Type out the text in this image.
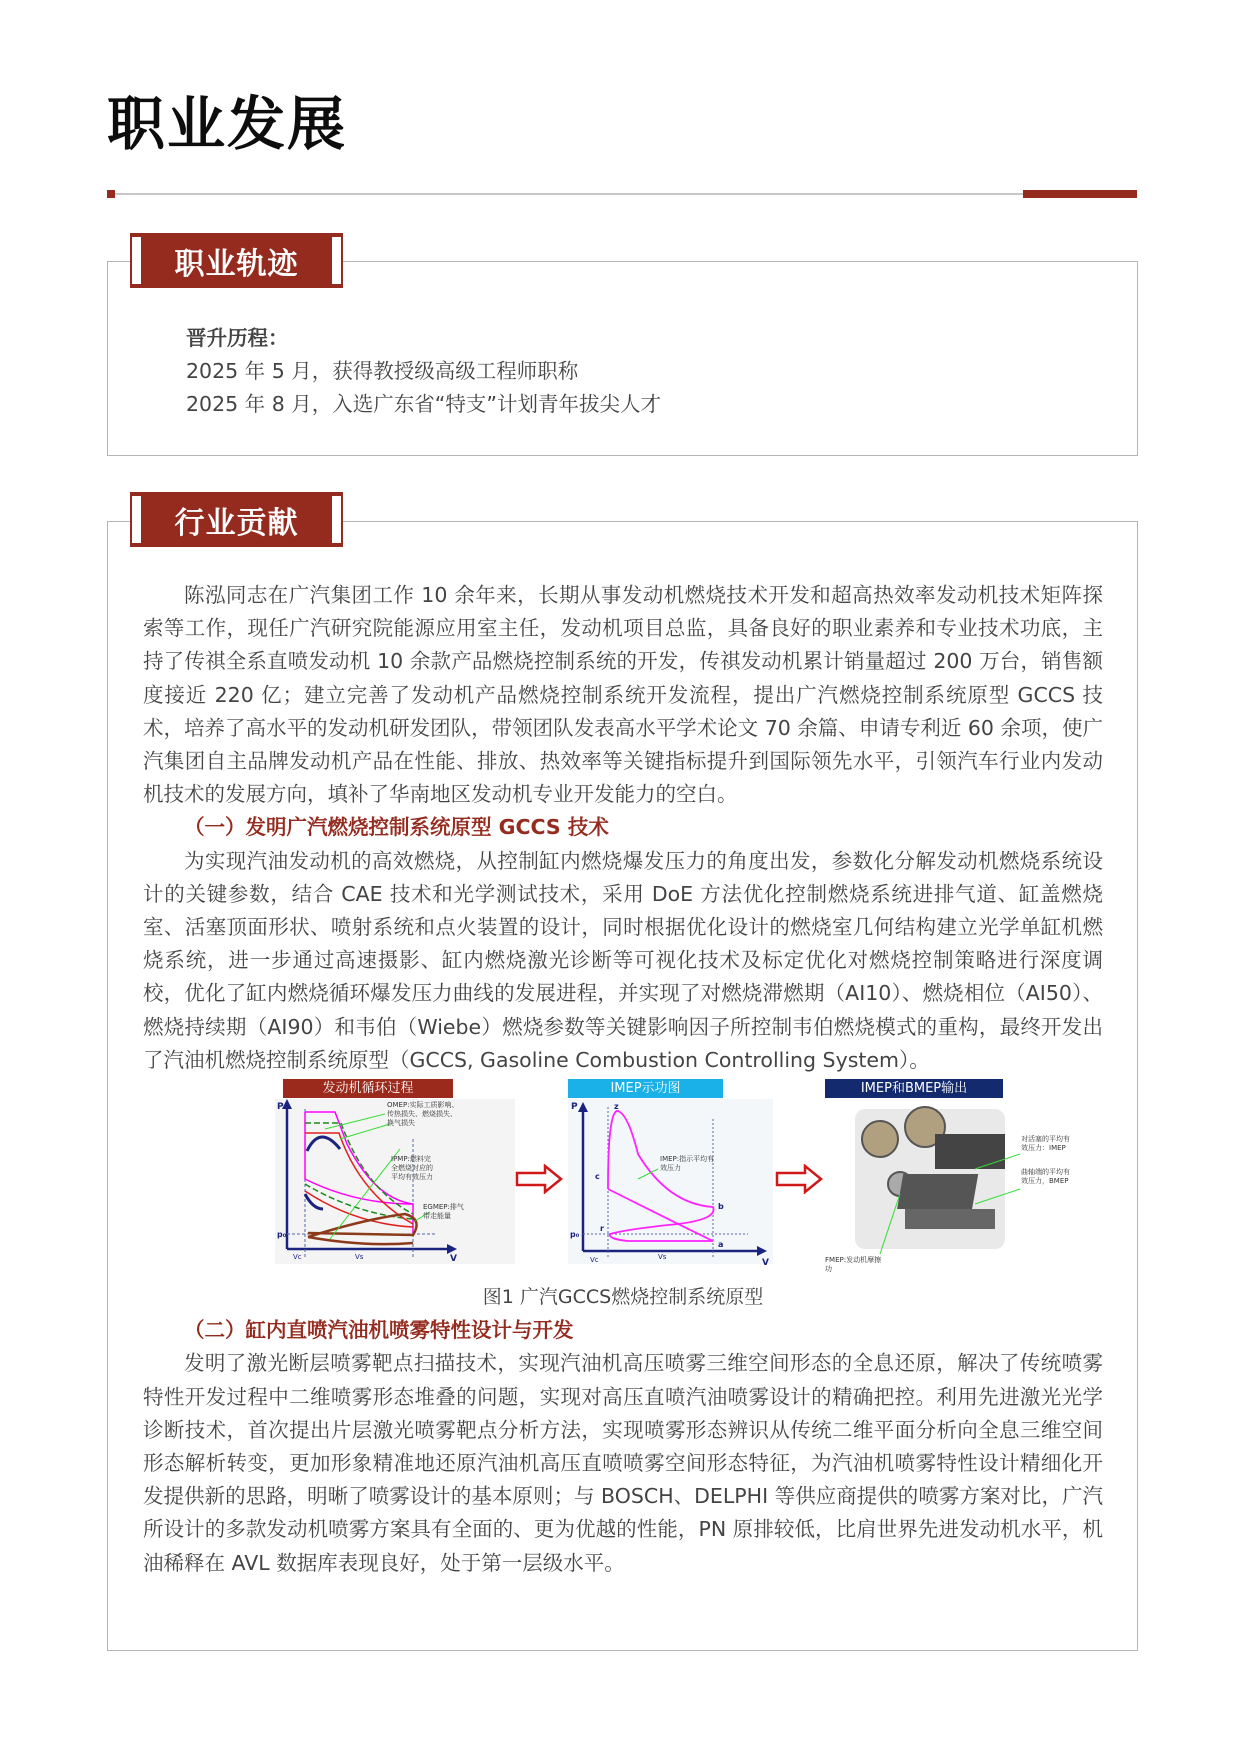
职业发展
晋升历程：
2025 年 5 月，获得教授级高级工程师职称
2025 年 8 月，入选广东省“特支”计划青年拔尖人才
职业轨迹
行业贡献

陈泓同志在广汽集团工作 10 余年来，长期从事发动机燃烧技术开发和超高热效率发动机技术矩阵探索等工作，现任广汽研究院能源应用室主任，发动机项目总监，具备良好的职业素养和专业技术功底，主持了传祺全系直喷发动机 10 余款产品燃烧控制系统的开发，传祺发动机累计销量超过 200 万台，销售额度接近 220 亿；建立完善了发动机产品燃烧控制系统开发流程，提出广汽燃烧控制系统原型 GCCS 技术，培养了高水平的发动机研发团队，带领团队发表高水平学术论文 70 余篇、申请专利近 60 余项，使广汽集团自主品牌发动机产品在性能、排放、热效率等关键指标提升到国际领先水平，引领汽车行业内发动机技术的发展方向，填补了华南地区发动机专业开发能力的空白。

（一）发明广汽燃烧控制系统原型 GCCS 技术

为实现汽油发动机的高效燃烧，从控制缸内燃烧爆发压力的角度出发，参数化分解发动机燃烧系统设计的关键参数，结合 CAE 技术和光学测试技术，采用 DoE 方法优化控制燃烧系统进排气道、缸盖燃烧室、活塞顶面形状、喷射系统和点火装置的设计，同时根据优化设计的燃烧室几何结构建立光学单缸机燃烧系统，进一步通过高速摄影、缸内燃烧激光诊断等可视化技术及标定优化对燃烧控制策略进行深度调校，优化了缸内燃烧循环爆发压力曲线的发展进程，并实现了对燃烧滞燃期（AI10）、燃烧相位（AI50）、燃烧持续期（AI90）和韦伯（Wiebe）燃烧参数等关键影响因子所控制韦伯燃烧模式的重构，最终开发出了汽油机燃烧控制系统原型（GCCS, Gasoline Combustion Controlling System）。

发动机循环过程
P
V
p₀
Vc	Vs
OMEP:实际工质影响、传热损失、燃烧损失、换气损失
IPMP:燃料完全燃烧对应的平均有效压力
EGMEP:排气带走能量
IMEP示功图
P
V
p₀
Vc	Vs
z
c
b
r
a
IMEP:指示平均有效压力
IMEP和BMEP输出
对活塞的平均有效压力：IMEP
曲轴端的平均有效压力，BMEP
FMEP:发动机摩擦功

图1 广汽GCCS燃烧控制系统原型

（二）缸内直喷汽油机喷雾特性设计与开发

发明了激光断层喷雾靶点扫描技术，实现汽油机高压喷雾三维空间形态的全息还原，解决了传统喷雾特性开发过程中二维喷雾形态堆叠的问题，实现对高压直喷汽油喷雾设计的精确把控。利用先进激光光学诊断技术，首次提出片层激光喷雾靶点分析方法，实现喷雾形态辨识从传统二维平面分析向全息三维空间形态解析转变，更加形象精准地还原汽油机高压直喷喷雾空间形态特征，为汽油机喷雾特性设计精细化开发提供新的思路，明晰了喷雾设计的基本原则；与 BOSCH、DELPHI 等供应商提供的喷雾方案对比，广汽所设计的多款发动机喷雾方案具有全面的、更为优越的性能，PN 原排较低，比肩世界先进发动机水平，机油稀释在 AVL 数据库表现良好，处于第一层级水平。
